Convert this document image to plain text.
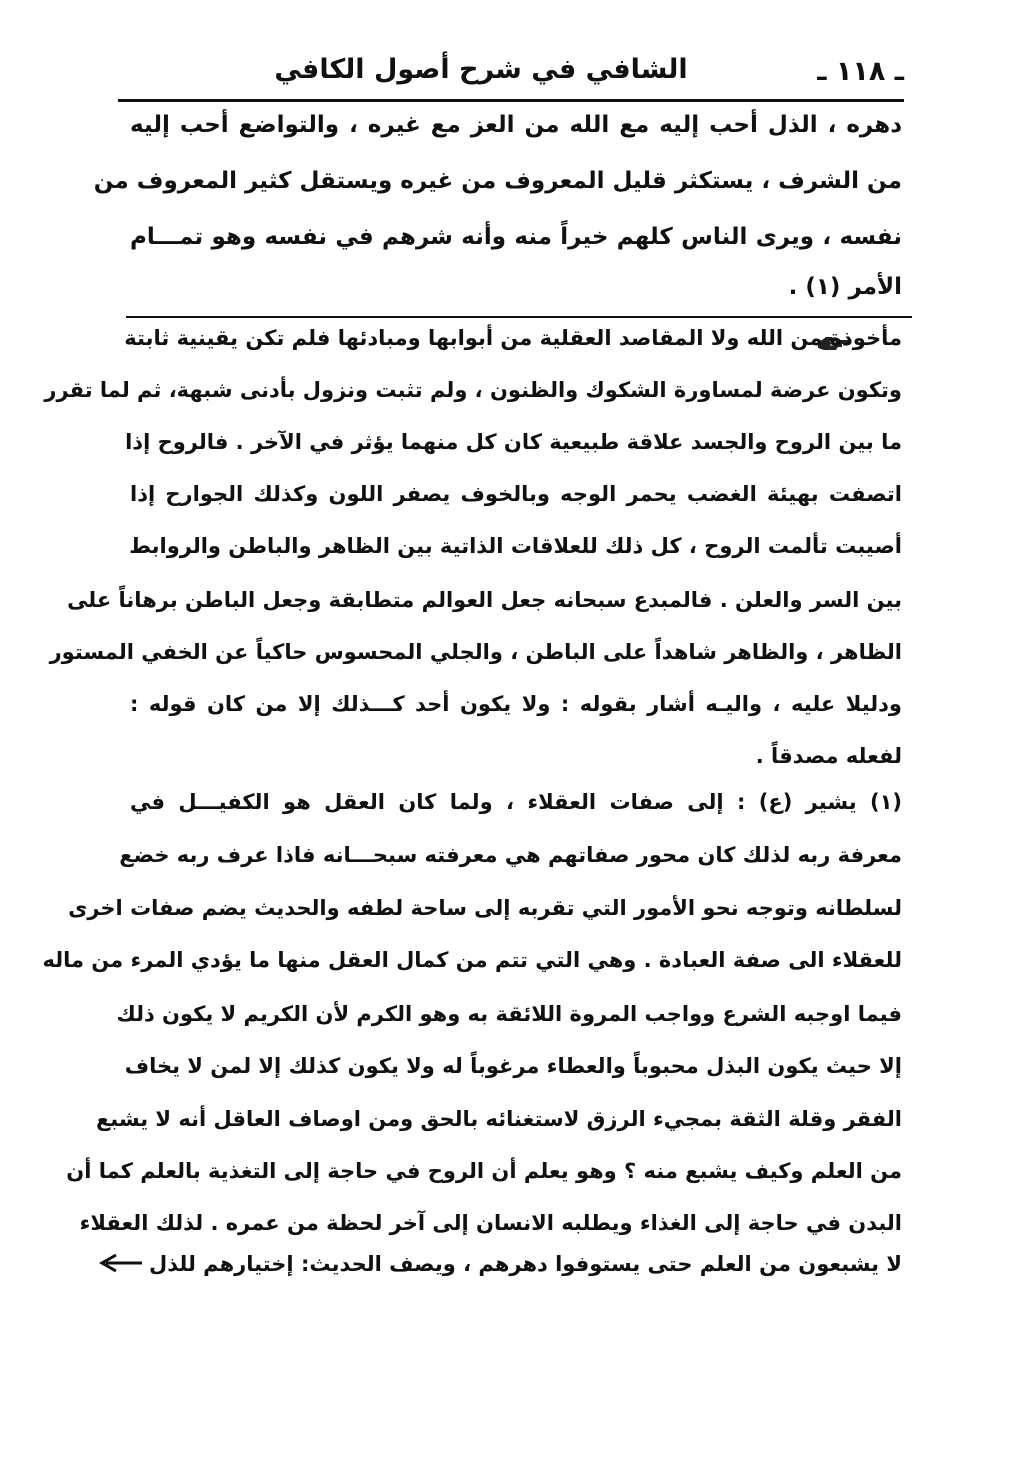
ـ ١١٨ ـ
الشافي في شرح أصول الكافي
دهره ، الذل أحب إليه مع الله من العز مع غيره ، والتواضع أحب إليه
من الشرف ، يستكثر قليل المعروف من غيره ويستقل كثير المعروف من
نفسه ، ويرى الناس كلهم خيراً منه وأنه شرهم في نفسه وهو تمـــام
الأمر (١) .
مأخوذة من الله ولا المقاصد العقلية من أبوابها ومبادئها فلم تكن يقينية ثابتة
وتكون عرضة لمساورة الشكوك والظنون ، ولم تثبت ونزول بأدنى شبهة، ثم لما تقرر
ما بين الروح والجسد علاقة طبيعية كان كل منهما يؤثر في الآخر . فالروح إذا
اتصفت بهيئة الغضب يحمر الوجه وبالخوف يصفر اللون وكذلك الجوارح إذا
أصيبت تألمت الروح ، كل ذلك للعلاقات الذاتية بين الظاهر والباطن والروابط
بين السر والعلن . فالمبدع سبحانه جعل العوالم متطابقة وجعل الباطن برهاناً على
الظاهر ، والظاهر شاهداً على الباطن ، والجلي المحسوس حاكياً عن الخفي المستور
ودليلا عليه ، واليـه أشار بقوله : ولا يكون أحد كـــذلك إلا من كان قوله :
لفعله مصدقاً .
(١) يشير (ع) : إلى صفات العقلاء ، ولما كان العقل هو الكفيـــل في
معرفة ربه لذلك كان محور صفاتهم هي معرفته سبحـــانه فاذا عرف ربه خضع
لسلطانه وتوجه نحو الأمور التي تقربه إلى ساحة لطفه والحديث يضم صفات اخرى
للعقلاء الى صفة العبادة . وهي التي تتم من كمال العقل منها ما يؤدي المرء من ماله
فيما اوجبه الشرع وواجب المروة اللائقة به وهو الكرم لأن الكريم لا يكون ذلك
إلا حيث يكون البذل محبوباً والعطاء مرغوباً له ولا يكون كذلك إلا لمن لا يخاف
الفقر وقلة الثقة بمجيء الرزق لاستغنائه بالحق ومن اوصاف العاقل أنه لا يشبع
من العلم وكيف يشبع منه ؟ وهو يعلم أن الروح في حاجة إلى التغذية بالعلم كما أن
البدن في حاجة إلى الغذاء ويطلبه الانسان إلى آخر لحظة من عمره . لذلك العقلاء
لا يشبعون من العلم حتى يستوفوا دهرهم ، ويصف الحديث: إختيارهم للذل
